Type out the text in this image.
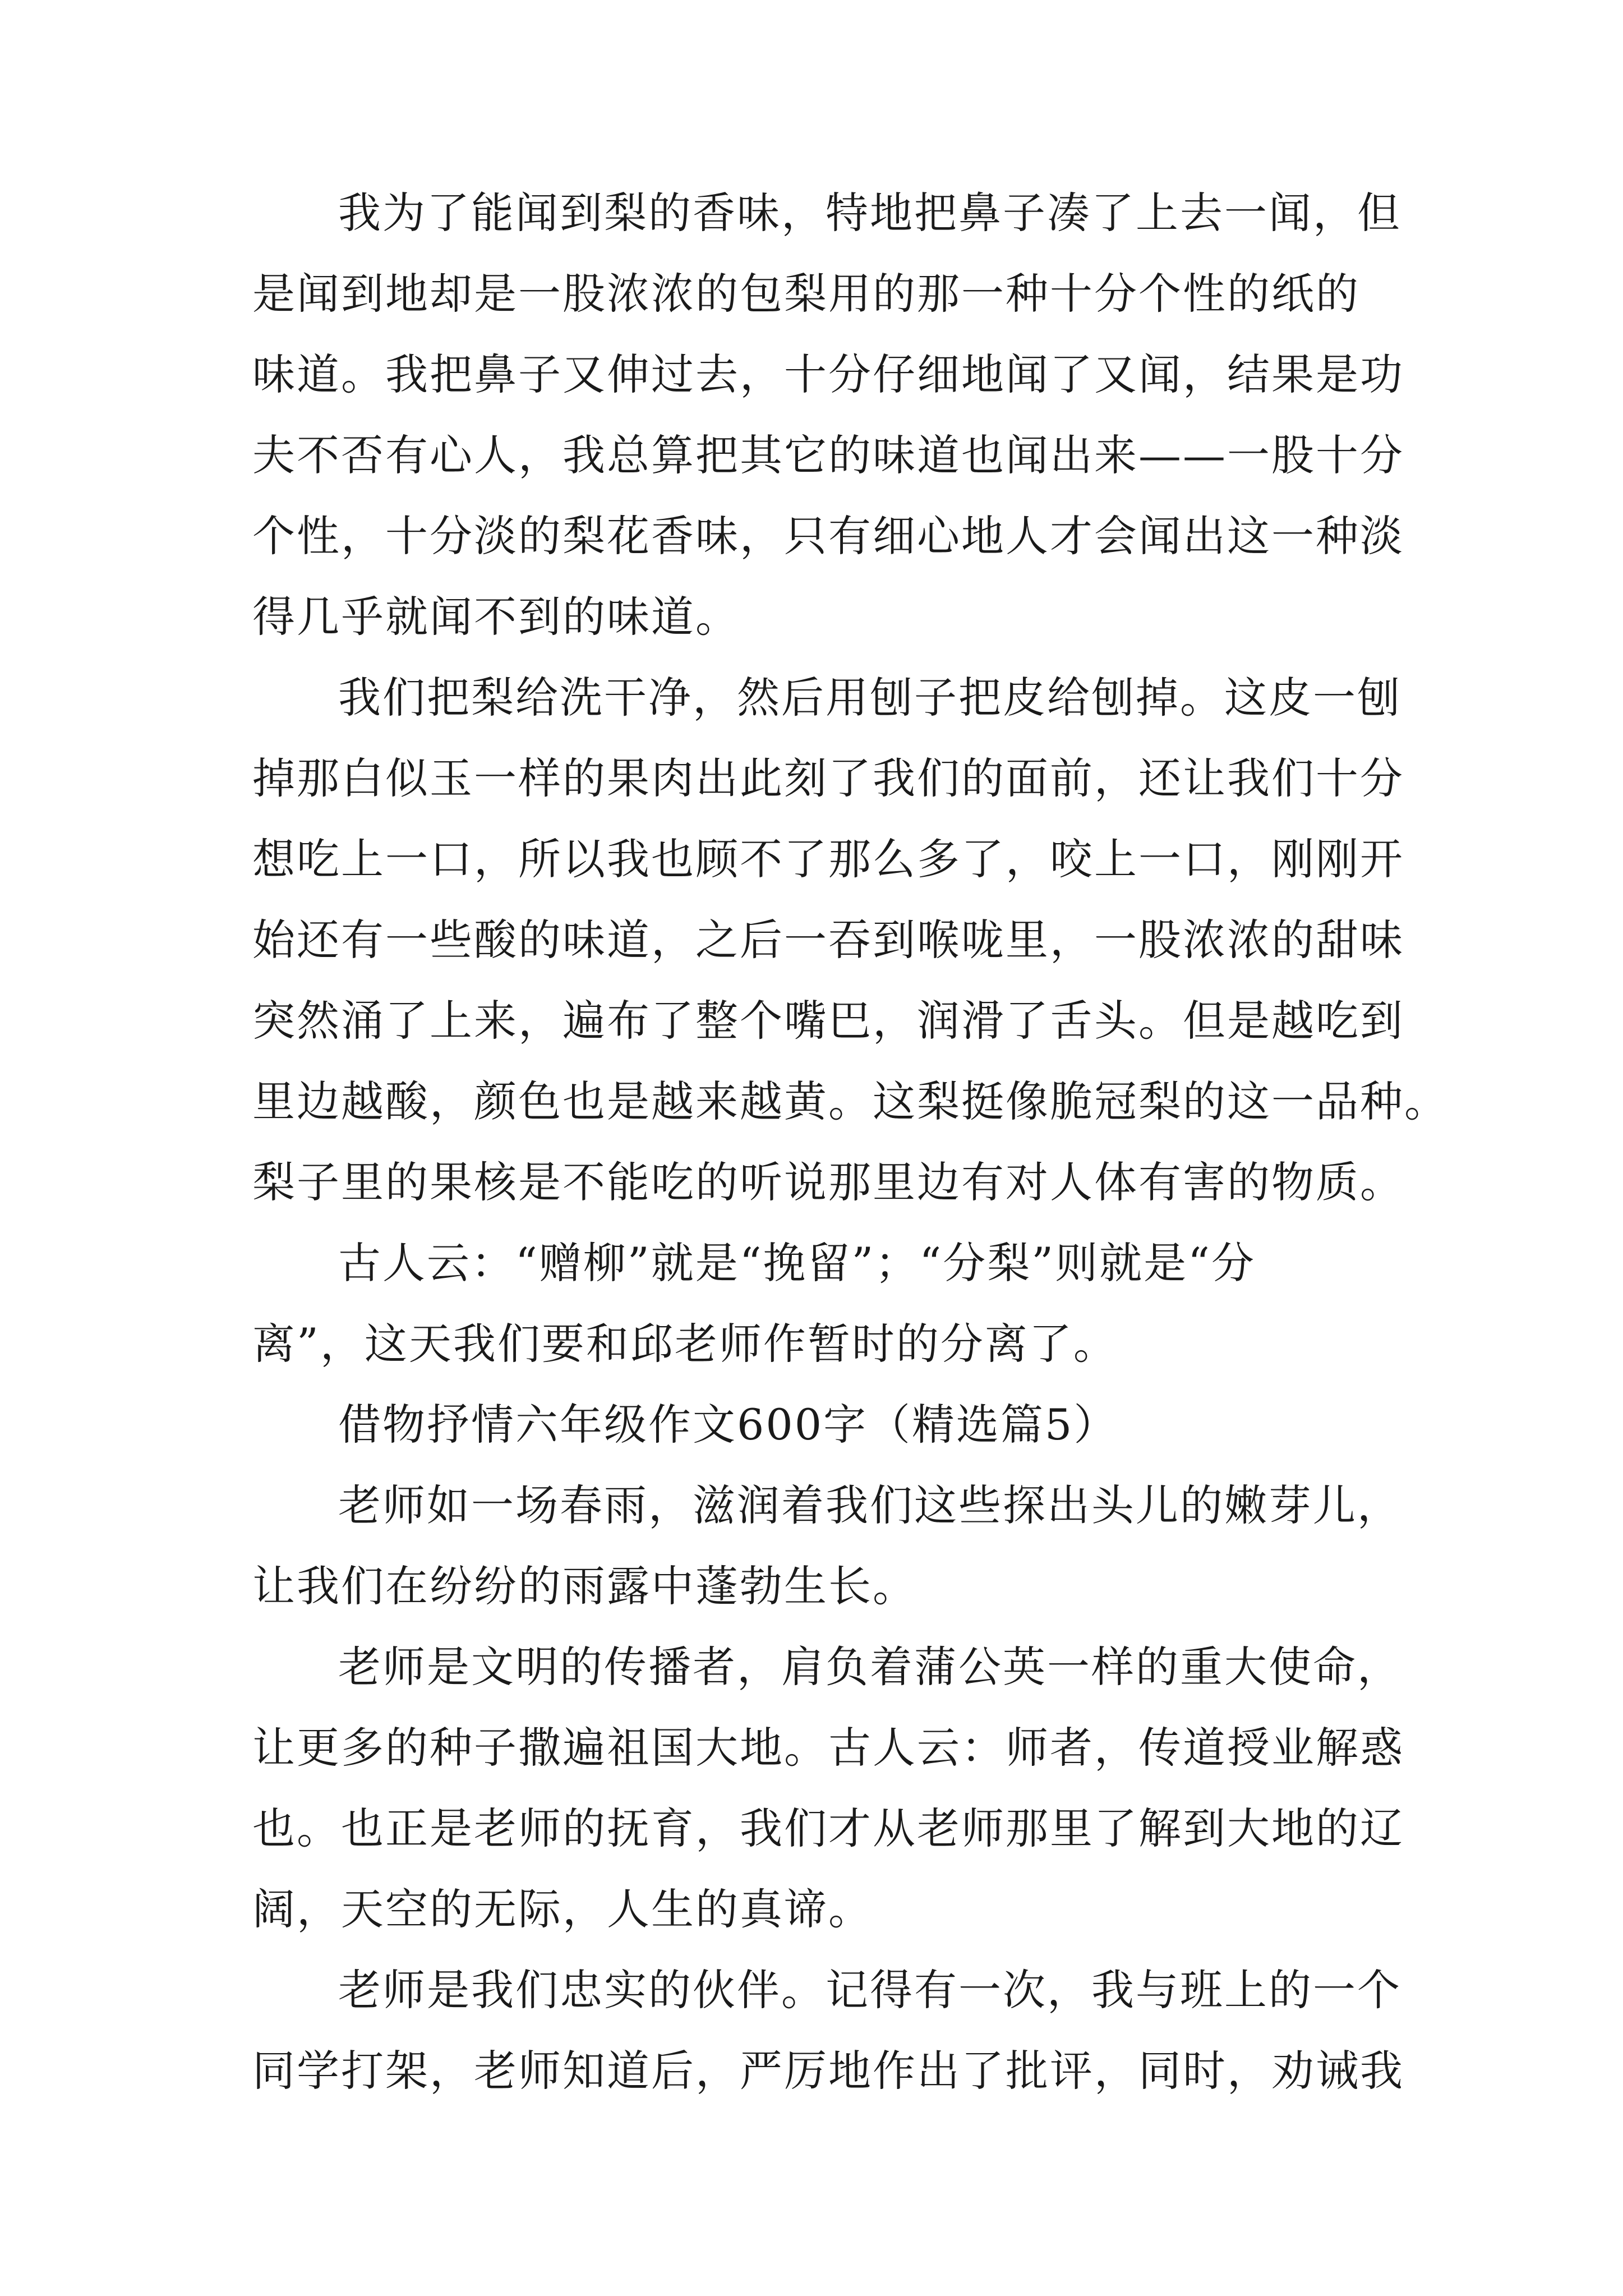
我为了能闻到梨的香味，特地把鼻子凑了上去一闻，但

是闻到地却是一股浓浓的包梨用的那一种十分个性的纸的

味道。我把鼻子又伸过去，十分仔细地闻了又闻，结果是功

夫不否有心人，我总算把其它的味道也闻出来——一股十分

个性，十分淡的梨花香味，只有细心地人才会闻出这一种淡

得几乎就闻不到的味道。

我们把梨给洗干净，然后用刨子把皮给刨掉。这皮一刨

掉那白似玉一样的果肉出此刻了我们的面前，还让我们十分

想吃上一口，所以我也顾不了那么多了，咬上一口，刚刚开

始还有一些酸的味道，之后一吞到喉咙里，一股浓浓的甜味

突然涌了上来，遍布了整个嘴巴，润滑了舌头。但是越吃到

里边越酸，颜色也是越来越黄。这梨挺像脆冠梨的这一品种。

梨子里的果核是不能吃的听说那里边有对人体有害的物质。

古人云：“赠柳”就是“挽留”；“分梨”则就是“分

离”，这天我们要和邱老师作暂时的分离了。

借物抒情六年级作文600字（精选篇5）

老师如一场春雨，滋润着我们这些探出头儿的嫩芽儿，

让我们在纷纷的雨露中蓬勃生长。

老师是文明的传播者，肩负着蒲公英一样的重大使命，

让更多的种子撒遍祖国大地。古人云：师者，传道授业解惑

也。也正是老师的抚育，我们才从老师那里了解到大地的辽

阔，天空的无际，人生的真谛。

老师是我们忠实的伙伴。记得有一次，我与班上的一个

同学打架，老师知道后，严厉地作出了批评，同时，劝诫我
